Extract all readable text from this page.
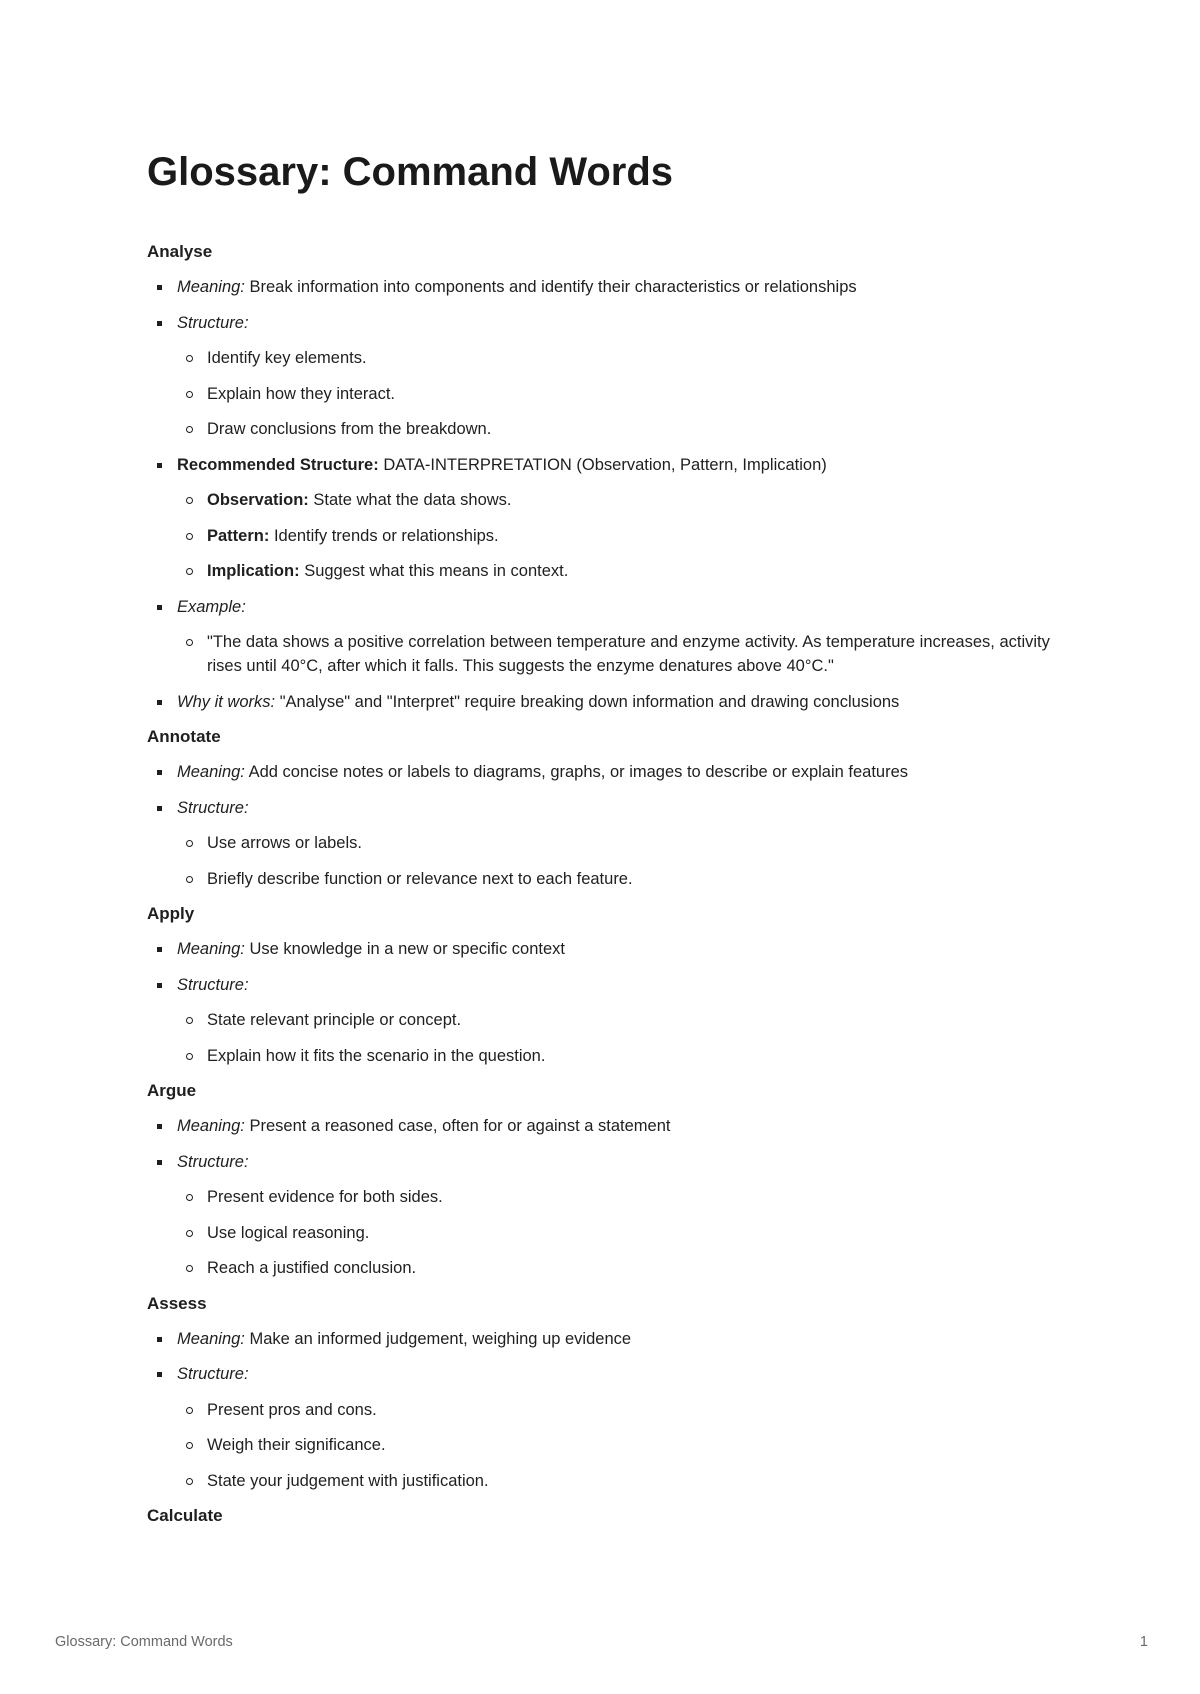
Glossary: Command Words
Analyse
Meaning: Break information into components and identify their characteristics or relationships
Structure:
Identify key elements.
Explain how they interact.
Draw conclusions from the breakdown.
Recommended Structure: DATA-INTERPRETATION (Observation, Pattern, Implication)
Observation: State what the data shows.
Pattern: Identify trends or relationships.
Implication: Suggest what this means in context.
Example:
"The data shows a positive correlation between temperature and enzyme activity. As temperature increases, activity rises until 40°C, after which it falls. This suggests the enzyme denatures above 40°C."
Why it works: "Analyse" and "Interpret" require breaking down information and drawing conclusions
Annotate
Meaning: Add concise notes or labels to diagrams, graphs, or images to describe or explain features
Structure:
Use arrows or labels.
Briefly describe function or relevance next to each feature.
Apply
Meaning: Use knowledge in a new or specific context
Structure:
State relevant principle or concept.
Explain how it fits the scenario in the question.
Argue
Meaning: Present a reasoned case, often for or against a statement
Structure:
Present evidence for both sides.
Use logical reasoning.
Reach a justified conclusion.
Assess
Meaning: Make an informed judgement, weighing up evidence
Structure:
Present pros and cons.
Weigh their significance.
State your judgement with justification.
Calculate
Glossary: Command Words	1
